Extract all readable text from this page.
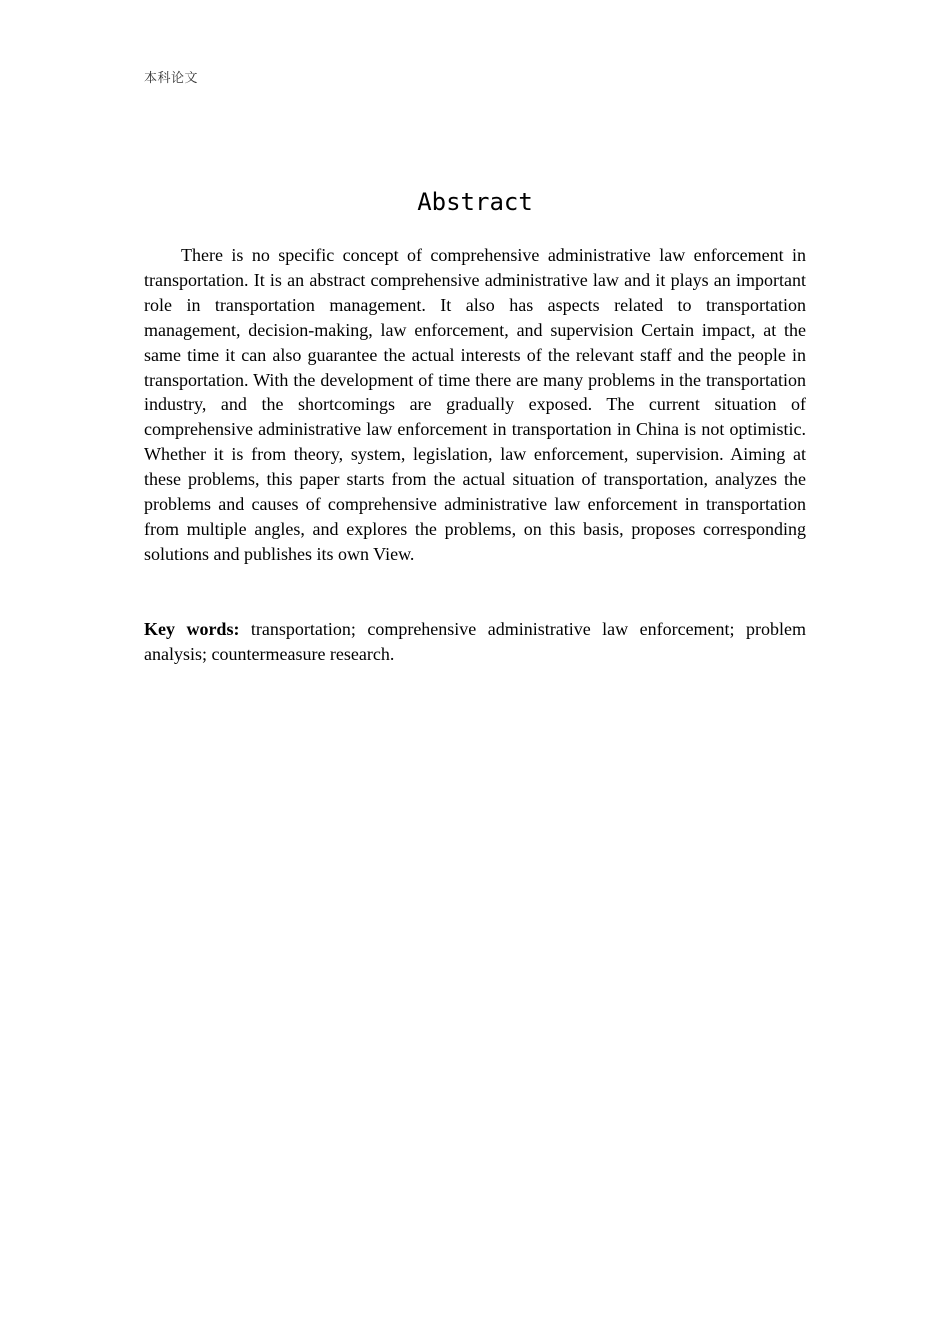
本科论文
Abstract

There is no specific concept of comprehensive administrative law enforcement in transportation. It is an abstract comprehensive administrative law and it plays an important role in transportation management. It also has aspects related to transportation management, decision-making, law enforcement, and supervision Certain impact, at the same time it can also guarantee the actual interests of the relevant staff and the people in transportation. With the development of time there are many problems in the transportation industry, and the shortcomings are gradually exposed. The current situation of comprehensive administrative law enforcement in transportation in China is not optimistic. Whether it is from theory, system, legislation, law enforcement, supervision. Aiming at these problems, this paper starts from the actual situation of transportation, analyzes the problems and causes of comprehensive administrative law enforcement in transportation from multiple angles, and explores the problems, on this basis, proposes corresponding solutions and publishes its own View.

Key words: transportation; comprehensive administrative law enforcement; problem analysis; countermeasure research.
